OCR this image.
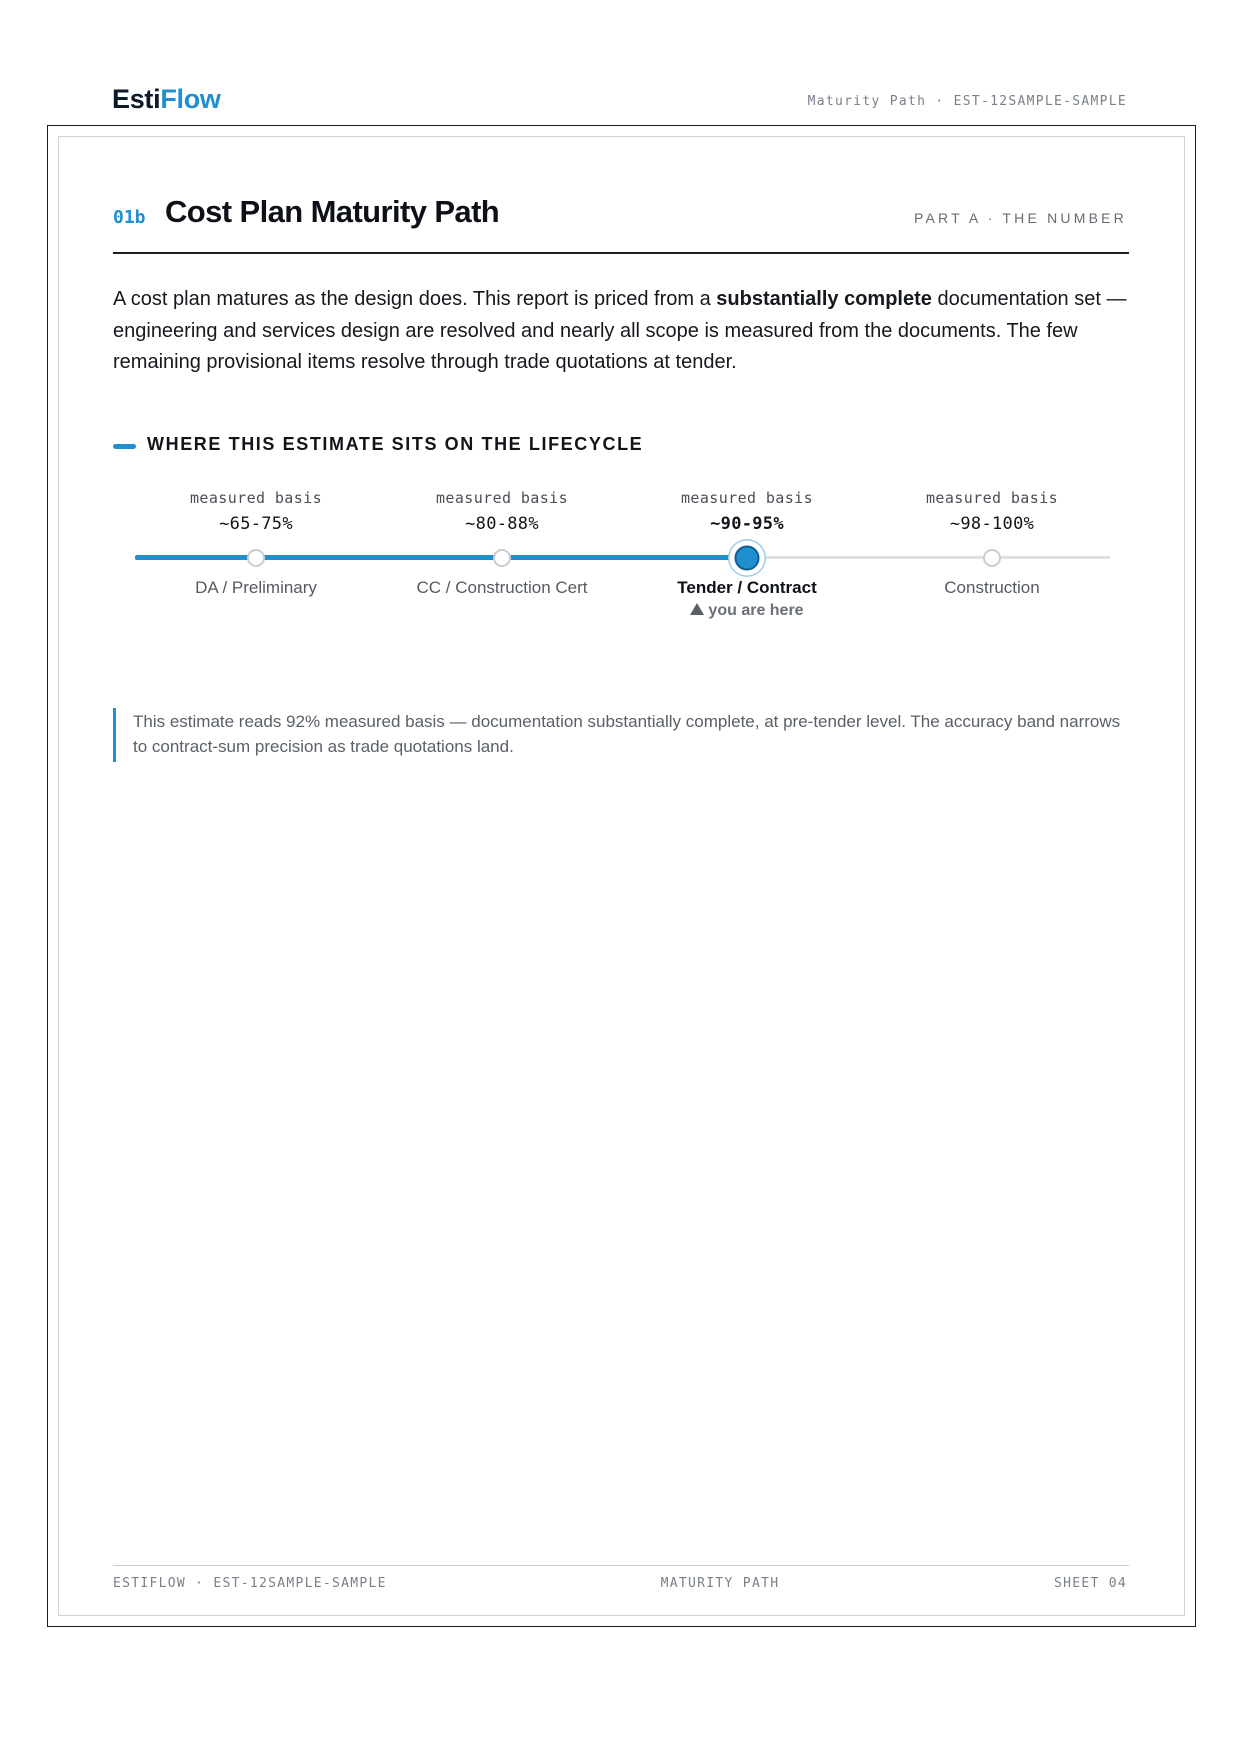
EstiFlow	Maturity Path · EST-12SAMPLE-SAMPLE
01b Cost Plan Maturity Path	PART A · THE NUMBER

A cost plan matures as the design does. This report is priced from a substantially complete documentation set — engineering and services design are resolved and nearly all scope is measured from the documents. The few remaining provisional items resolve through trade quotations at tender.

WHERE THIS ESTIMATE SITS ON THE LIFECYCLE
measured basis
~65-75%
DA / Preliminary
measured basis
~80-88%
CC / Construction Cert
measured basis
~90-95%
Tender / Contract
you are here
measured basis
~98-100%
Construction
This estimate reads 92% measured basis — documentation substantially complete, at pre-tender level. The accuracy band narrows to contract-sum precision as trade quotations land.
ESTIFLOW · EST-12SAMPLE-SAMPLE	MATURITY PATH	SHEET 04
